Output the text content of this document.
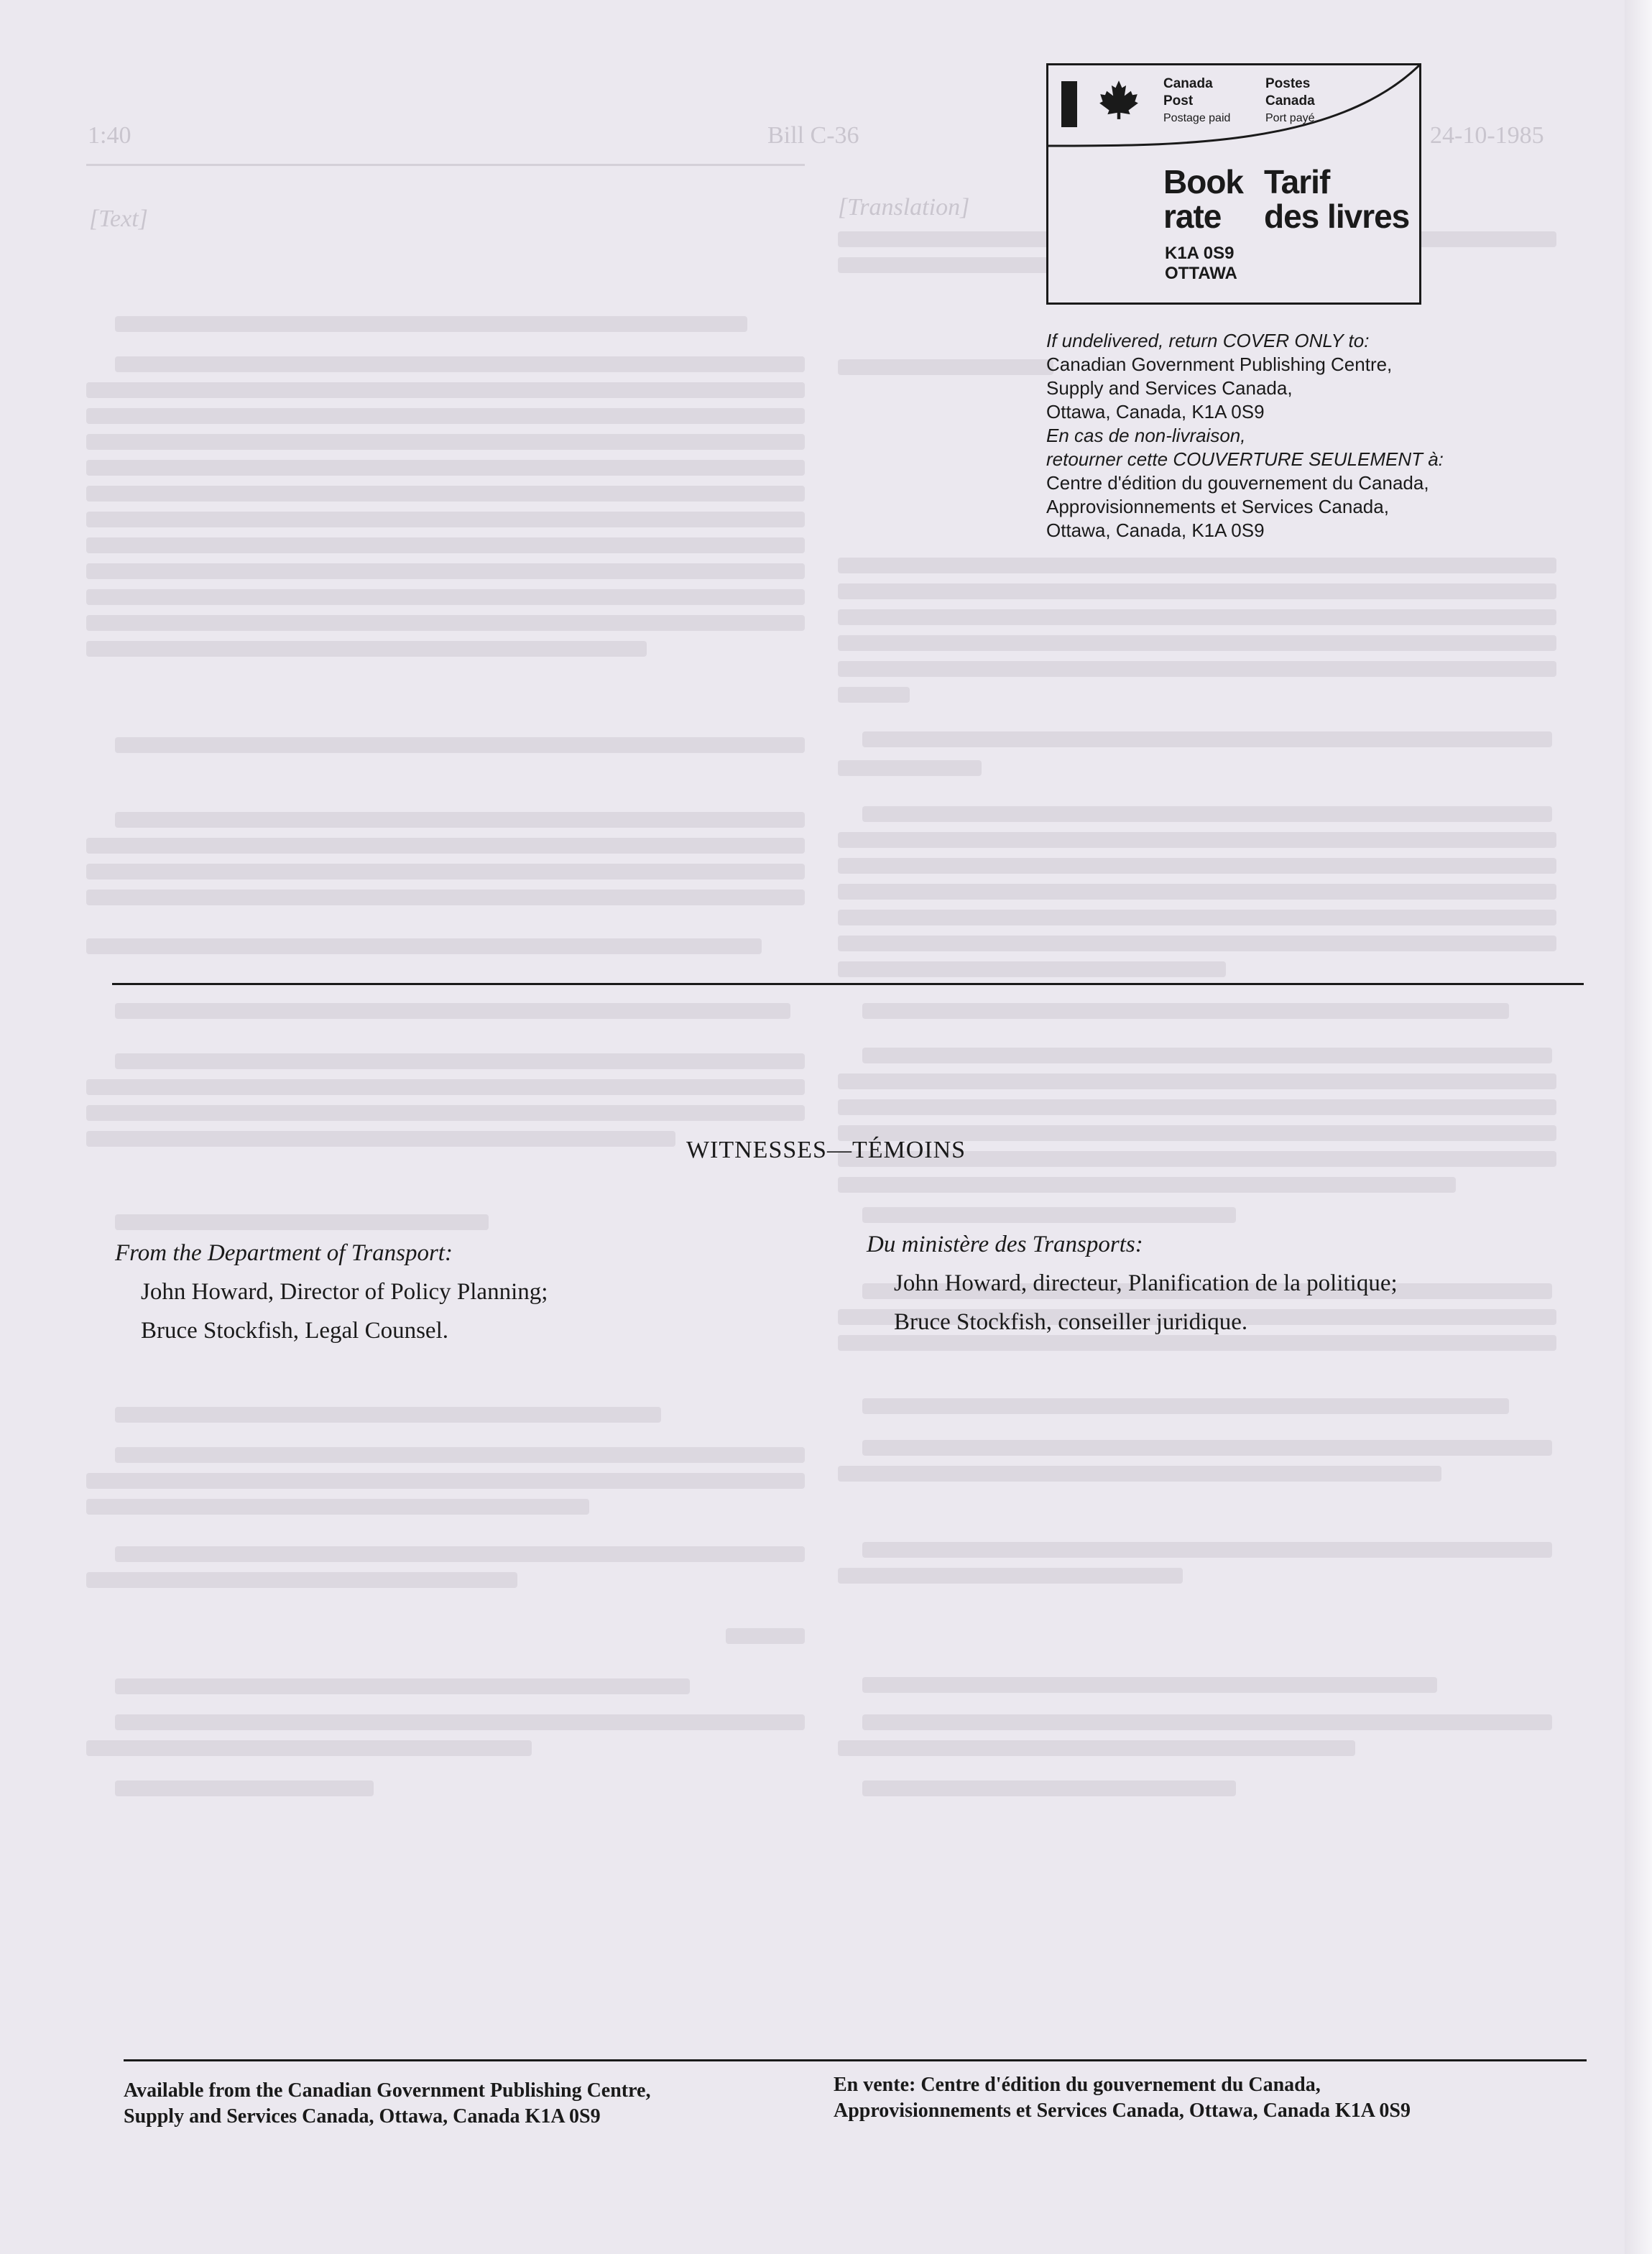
1:40	Bill C-36	24-10-1985
[Text]	[Translation]
Canada
Post
Postage paid
Postes
Canada
Port payé
Book
rate
Tarif
des livres
K1A 0S9
OTTAWA
If undelivered, return COVER ONLY to:
Canadian Government Publishing Centre,
Supply and Services Canada,
Ottawa, Canada, K1A 0S9
En cas de non-livraison,
retourner cette COUVERTURE SEULEMENT à:
Centre d'édition du gouvernement du Canada,
Approvisionnements et Services Canada,
Ottawa, Canada, K1A 0S9
WITNESSES—TÉMOINS
From the Department of Transport:
John Howard, Director of Policy Planning;
Bruce Stockfish, Legal Counsel.
Du ministère des Transports:
John Howard, directeur, Planification de la politique;
Bruce Stockfish, conseiller juridique.
Available from the Canadian Government Publishing Centre,
Supply and Services Canada, Ottawa, Canada K1A 0S9
En vente: Centre d'édition du gouvernement du Canada,
Approvisionnements et Services Canada, Ottawa, Canada K1A 0S9
